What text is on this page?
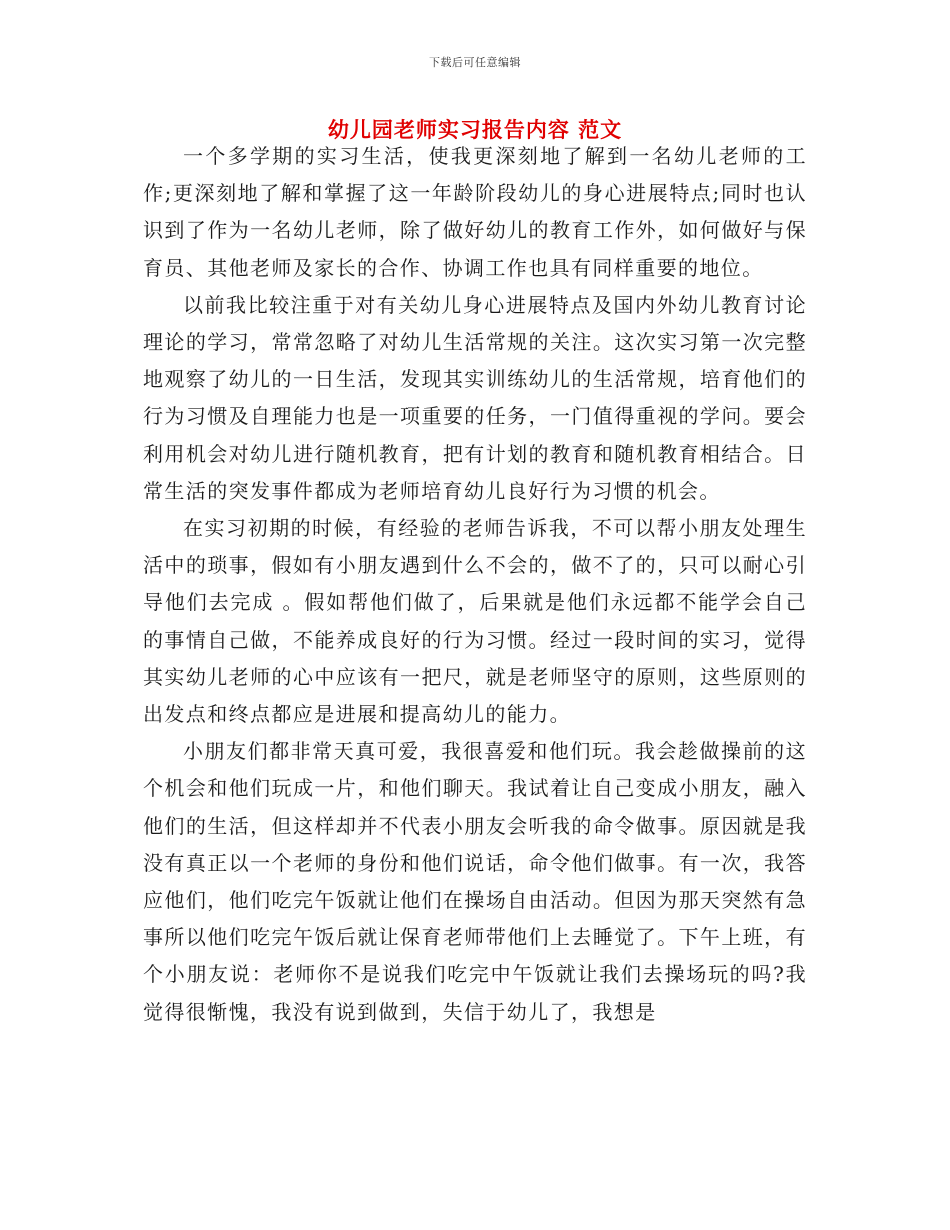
下载后可任意编辑
幼儿园老师实习报告内容 范文

一个多学期的实习生活，使我更深刻地了解到一名幼儿老师的工作;更深刻地了解和掌握了这一年龄阶段幼儿的身心进展特点;同时也认识到了作为一名幼儿老师，除了做好幼儿的教育工作外，如何做好与保育员、其他老师及家长的合作、协调工作也具有同样重要的地位。

以前我比较注重于对有关幼儿身心进展特点及国内外幼儿教育讨论理论的学习，常常忽略了对幼儿生活常规的关注。这次实习第一次完整地观察了幼儿的一日生活，发现其实训练幼儿的生活常规，培育他们的行为习惯及自理能力也是一项重要的任务，一门值得重视的学问。要会利用机会对幼儿进行随机教育，把有计划的教育和随机教育相结合。日常生活的突发事件都成为老师培育幼儿良好行为习惯的机会。

在实习初期的时候，有经验的老师告诉我，不可以帮小朋友处理生活中的琐事，假如有小朋友遇到什么不会的，做不了的，只可以耐心引导他们去完成 。假如帮他们做了，后果就是他们永远都不能学会自己的事情自己做，不能养成良好的行为习惯。经过一段时间的实习，觉得其实幼儿老师的心中应该有一把尺，就是老师坚守的原则，这些原则的出发点和终点都应是进展和提高幼儿的能力。

小朋友们都非常天真可爱，我很喜爱和他们玩。我会趁做操前的这个机会和他们玩成一片，和他们聊天。我试着让自己变成小朋友，融入他们的生活，但这样却并不代表小朋友会听我的命令做事。原因就是我没有真正以一个老师的身份和他们说话，命令他们做事。有一次，我答应他们，他们吃完午饭就让他们在操场自由活动。但因为那天突然有急事所以他们吃完午饭后就让保育老师带他们上去睡觉了。下午上班，有个小朋友说：老师你不是说我们吃完中午饭就让我们去操场玩的吗?我觉得很惭愧，我没有说到做到，失信于幼儿了，我想是
